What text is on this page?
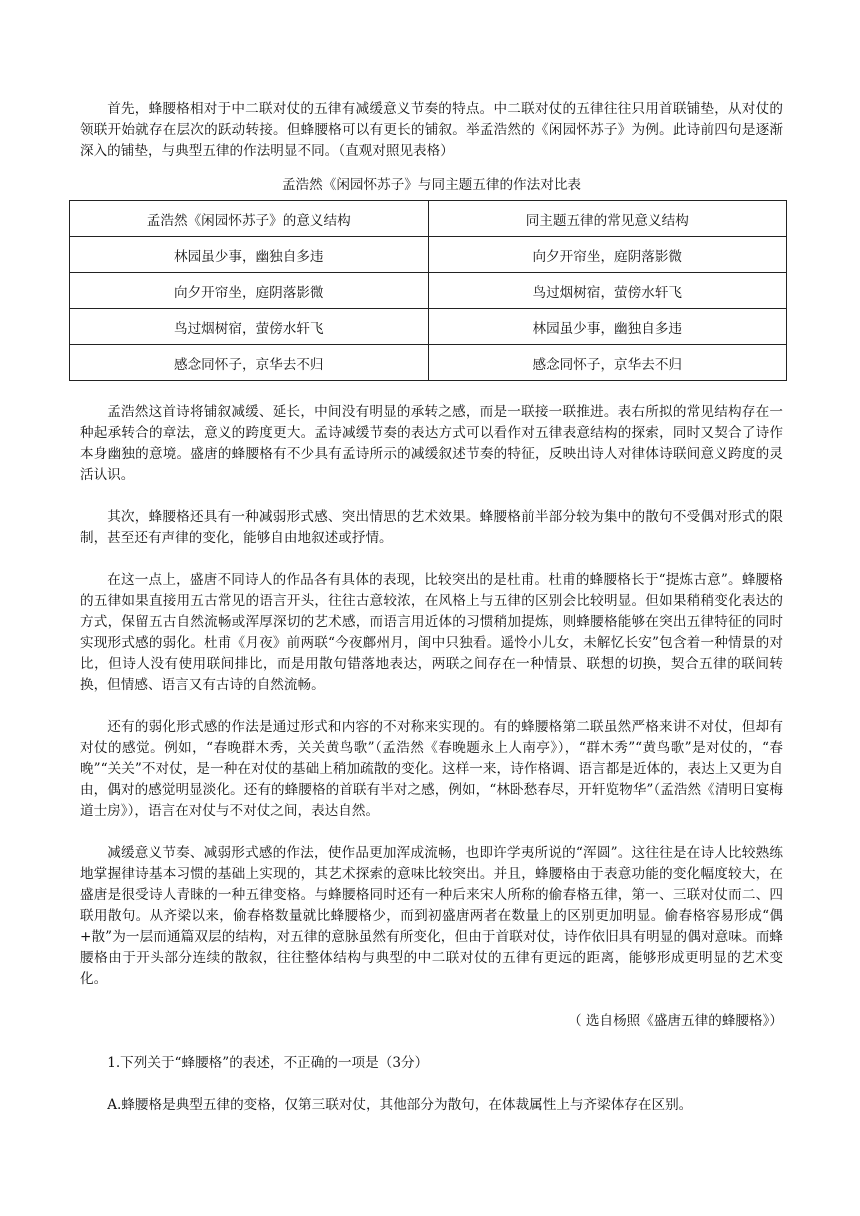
首先，蜂腰格相对于中二联对仗的五律有减缓意义节奏的特点。中二联对仗的五律往往只用首联铺垫，从对仗的领联开始就存在层次的跃动转接。但蜂腰格可以有更长的铺叙。举孟浩然的《闲园怀苏子》为例。此诗前四句是逐渐深入的铺垫，与典型五律的作法明显不同。（直观对照见表格）

孟浩然《闲园怀苏子》与同主题五律的作法对比表
孟浩然《闲园怀苏子》的意义结构	同主题五律的常见意义结构
林园虽少事，幽独自多违	向夕开帘坐，庭阴落影微
向夕开帘坐，庭阴落影微	鸟过烟树宿，萤傍水轩飞
鸟过烟树宿，萤傍水轩飞	林园虽少事，幽独自多违
感念同怀子，京华去不归	感念同怀子，京华去不归

孟浩然这首诗将铺叙减缓、延长，中间没有明显的承转之感，而是一联接一联推进。表右所拟的常见结构存在一种起承转合的章法，意义的跨度更大。孟诗减缓节奏的表达方式可以看作对五律表意结构的探索，同时又契合了诗作本身幽独的意境。盛唐的蜂腰格有不少具有孟诗所示的减缓叙述节奏的特征，反映出诗人对律体诗联间意义跨度的灵活认识。

其次，蜂腰格还具有一种减弱形式感、突出情思的艺术效果。蜂腰格前半部分较为集中的散句不受偶对形式的限制，甚至还有声律的变化，能够自由地叙述或抒情。

在这一点上，盛唐不同诗人的作品各有具体的表现，比较突出的是杜甫。杜甫的蜂腰格长于“提炼古意”。蜂腰格的五律如果直接用五古常见的语言开头，往往古意较浓，在风格上与五律的区别会比较明显。但如果稍稍变化表达的方式，保留五古自然流畅或浑厚深切的艺术感，而语言用近体的习惯稍加提炼，则蜂腰格能够在突出五律特征的同时实现形式感的弱化。杜甫《月夜》前两联“今夜鄜州月，闺中只独看。遥怜小儿女，未解忆长安”包含着一种情景的对比，但诗人没有使用联间排比，而是用散句错落地表达，两联之间存在一种情景、联想的切换，契合五律的联间转换，但情感、语言又有古诗的自然流畅。

还有的弱化形式感的作法是通过形式和内容的不对称来实现的。有的蜂腰格第二联虽然严格来讲不对仗，但却有对仗的感觉。例如，“春晚群木秀，关关黄鸟歌”（孟浩然《春晚题永上人南亭》），“群木秀”“黄鸟歌”是对仗的，“春晚”“关关”不对仗，是一种在对仗的基础上稍加疏散的变化。这样一来，诗作格调、语言都是近体的，表达上又更为自由，偶对的感觉明显淡化。还有的蜂腰格的首联有半对之感，例如，“林卧愁春尽，开轩览物华”（孟浩然《清明日宴梅道士房》），语言在对仗与不对仗之间，表达自然。

减缓意义节奏、减弱形式感的作法，使作品更加浑成流畅，也即许学夷所说的“浑圆”。这往往是在诗人比较熟练地掌握律诗基本习惯的基础上实现的，其艺术探索的意味比较突出。并且，蜂腰格由于表意功能的变化幅度较大，在盛唐是很受诗人青睐的一种五律变格。与蜂腰格同时还有一种后来宋人所称的偷春格五律，第一、三联对仗而二、四联用散句。从齐梁以来，偷春格数量就比蜂腰格少，而到初盛唐两者在数量上的区别更加明显。偷春格容易形成“偶+散”为一层而通篇双层的结构，对五律的意脉虽然有所变化，但由于首联对仗，诗作依旧具有明显的偶对意味。而蜂腰格由于开头部分连续的散叙，往往整体结构与典型的中二联对仗的五律有更远的距离，能够形成更明显的艺术变化。

（ 选自杨照《盛唐五律的蜂腰格》）

1.下列关于“蜂腰格”的表述，不正确的一项是（3分）

A.蜂腰格是典型五律的变格，仅第三联对仗，其他部分为散句，在体裁属性上与齐梁体存在区别。
